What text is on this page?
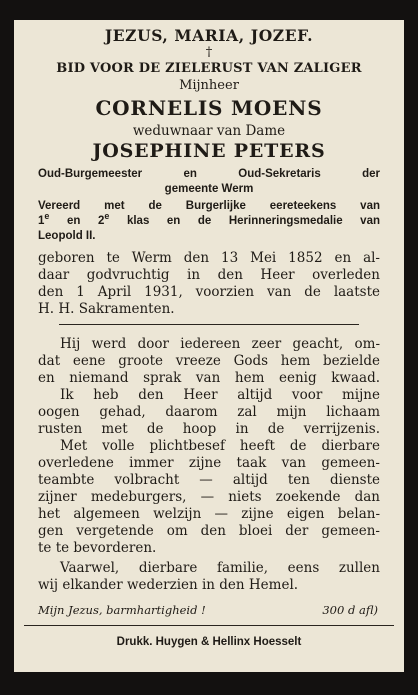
JEZUS, MARIA, JOZEF.
†
BID VOOR DE ZIELERUST VAN ZALIGER
Mijnheer
CORNELIS MOENS
weduwnaar van Dame
JOSEPHINE PETERS
Oud-Burgemeester en Oud-Sekretaris der
gemeente Werm
Vereerd met de Burgerlijke eereteekens van
1e en 2e klas en de Herinneringsmedalie van
Leopold II.
geboren te Werm den 13 Mei 1852 en al-
daar godvruchtig in den Heer overleden
den 1 April 1931, voorzien van de laatste
H. H. Sakramenten.
Hij werd door iedereen zeer geacht, om-
dat eene groote vreeze Gods hem bezielde
en niemand sprak van hem eenig kwaad.
Ik heb den Heer altijd voor mijne
oogen gehad, daarom zal mijn lichaam
rusten met de hoop in de verrijzenis.
Met volle plichtbesef heeft de dierbare
overledene immer zijne taak van gemeen-
teambte volbracht — altijd ten dienste
zijner medeburgers, — niets zoekende dan
het algemeen welzijn — zijne eigen belan-
gen vergetende om den bloei der gemeen-
te te bevorderen.
Vaarwel, dierbare familie, eens zullen
wij elkander wederzien in den Hemel.
Mijn Jezus, barmhartigheid !	300 d afl)
Drukk. Huygen & Hellinx Hoesselt
